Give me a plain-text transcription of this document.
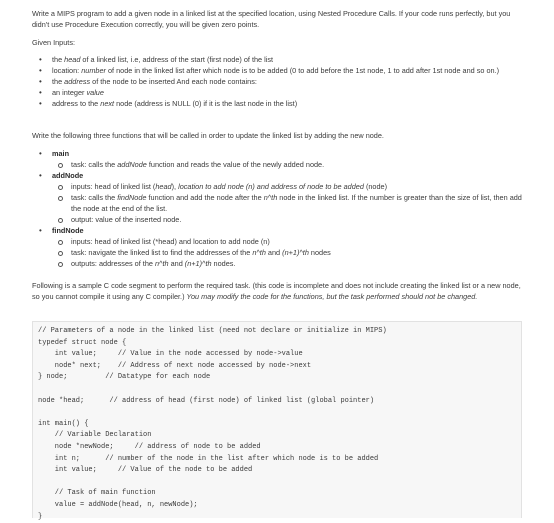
Write a MIPS program to add a given node in a linked list at the specified location, using Nested Procedure Calls. If your code runs perfectly, but you didn't use Procedure Execution correctly, you will be given zero points.

Given Inputs:

• the head of a linked list, i.e, address of the start (first node) of the list
• location: number of node in the linked list after which node is to be added (0 to add before the 1st node, 1 to add after 1st node and so on.)
• the address of the node to be inserted And each node contains:
• an integer value
• address to the next node (address is NULL (0) if it is the last node in the list)

Write the following three functions that will be called in order to update the linked list by adding the new node.

• main
task: calls the addNode function and reads the value of the newly added node.
• addNode
inputs: head of linked list (head), location to add node (n) and address of node to be added (node)
task: calls the findNode function and add the node after the n^th node in the linked list. If the number is greater than the size of list, then add the node at the end of the list.
output: value of the inserted node.
• findNode
inputs: head of linked list (*head) and location to add node (n)
task: navigate the linked list to find the addresses of the n^th and (n+1)^th nodes
outputs: addresses of the n^th and (n+1)^th nodes.

Following is a sample C code segment to perform the required task. (this code is incomplete and does not include creating the linked list or a new node, so you cannot compile it using any C compiler.) You may modify the code for the functions, but the task performed should not be changed.

// Parameters of a node in the linked list (need not declare or initialize in MIPS)
typedef struct node {
int value;     // Value in the node accessed by node->value
node* next;    // Address of next node accessed by node->next
} node;         // Datatype for each node

node *head;      // address of head (first node) of linked list (global pointer)

int main() {
// Variable Declaration
node *newNode;     // address of node to be added
int n;      // number of the node in the list after which node is to be added
int value;     // Value of the node to be added

// Task of main function
value = addNode(head, n, newNode);
}
